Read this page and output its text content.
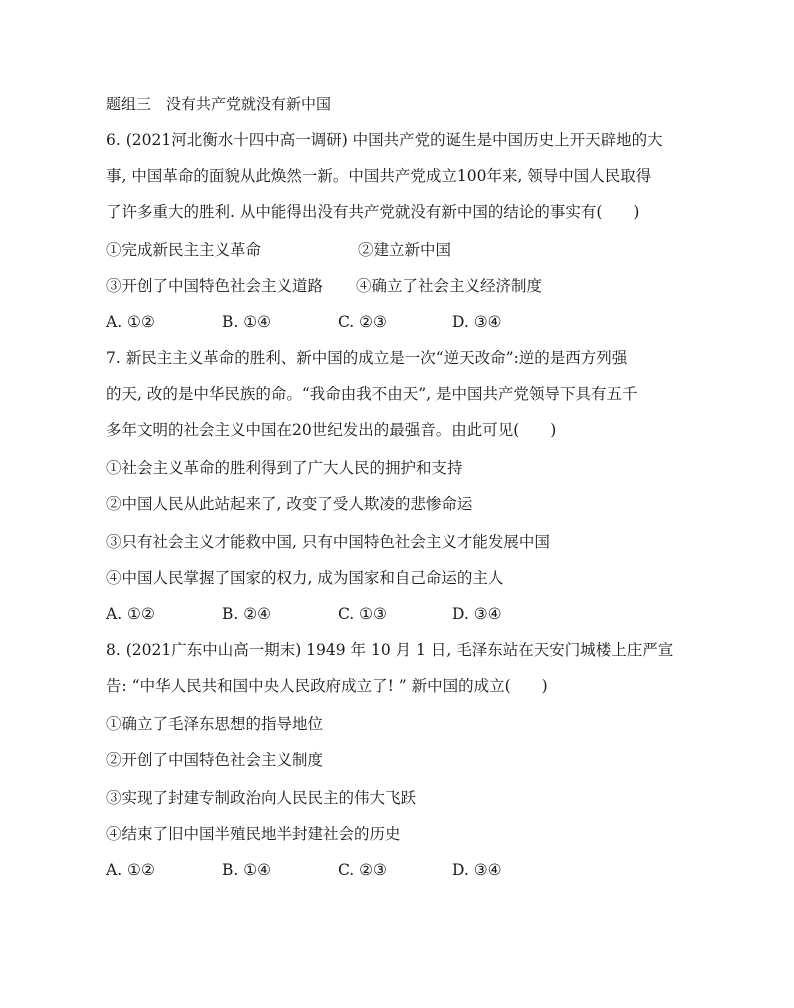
题组三　没有共产党就没有新中国
6. (2021河北衡水十四中高一调研) 中国共产党的诞生是中国历史上开天辟地的大
事, 中国革命的面貌从此焕然一新。中国共产党成立100年来, 领导中国人民取得
了许多重大的胜利. 从中能得出没有共产党就没有新中国的结论的事实有(　　)
①完成新民主主义革命	②建立新中国
③开创了中国特色社会主义道路 ④确立了社会主义经济制度
A. ①②	B. ①④	C. ②③	D. ③④
7. 新民主主义革命的胜利、新中国的成立是一次“逆天改命”:逆的是西方列强
的天, 改的是中华民族的命。“我命由我不由天”, 是中国共产党领导下具有五千
多年文明的社会主义中国在20世纪发出的最强音。由此可见(　　)
①社会主义革命的胜利得到了广大人民的拥护和支持
②中国人民从此站起来了, 改变了受人欺凌的悲惨命运
③只有社会主义才能救中国, 只有中国特色社会主义才能发展中国
④中国人民掌握了国家的权力, 成为国家和自己命运的主人
A. ①②	B. ②④	C. ①③	D. ③④
8. (2021广东中山高一期末) 1949 年 10 月 1 日, 毛泽东站在天安门城楼上庄严宣
告: “中华人民共和国中央人民政府成立了! ” 新中国的成立(　　)
①确立了毛泽东思想的指导地位
②开创了中国特色社会主义制度
③实现了封建专制政治向人民民主的伟大飞跃
④结束了旧中国半殖民地半封建社会的历史
A. ①②	B. ①④	C. ②③	D. ③④
